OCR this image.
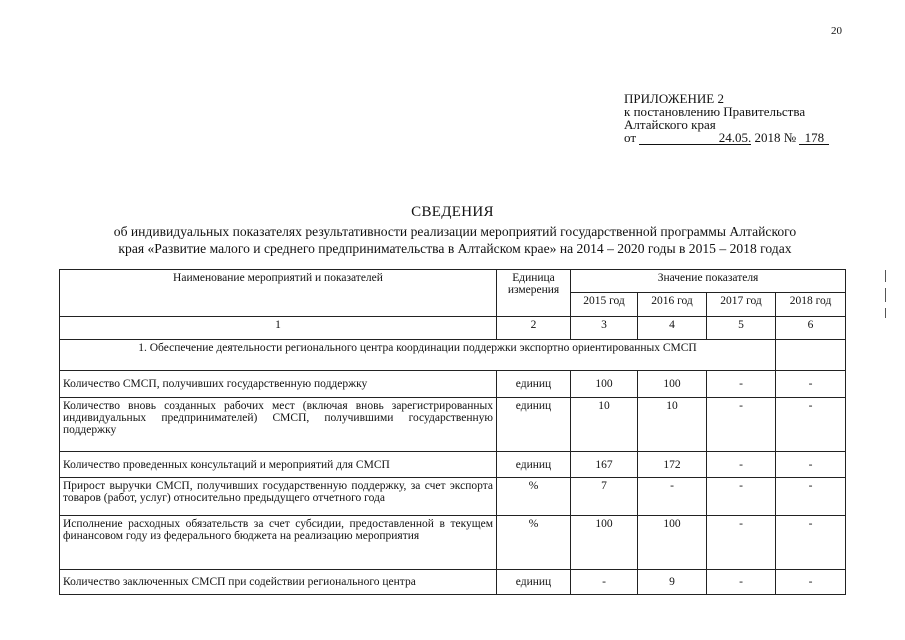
20
ПРИЛОЖЕНИЕ 2
к постановлению Правительства
Алтайского края
от	24.05. 2018 № 178
СВЕДЕНИЯ
об индивидуальных показателях результативности реализации мероприятий государственной программы Алтайского
края «Развитие малого и среднего предпринимательства в Алтайском крае» на 2014 – 2020 годы в 2015 – 2018 годах
Наименование мероприятий и показателей	Единица измерения	Значение показателя			
		2015 год	2016 год	2017 год	2018 год
1	2	3	4	5	6
1. Обеспечение деятельности регионального центра координации поддержки экспортно ориентированных СМСП					
Количество СМСП, получивших государственную поддержку	единиц	100	100	-	-
Количество вновь созданных рабочих мест (включая вновь зарегистрированных индивидуальных предпринимателей) СМСП, получившими государственную поддержку	единиц	10	10	-	-
Количество проведенных консультаций и мероприятий для СМСП	единиц	167	172	-	-
Прирост выручки СМСП, получивших государственную поддержку, за счет экспорта товаров (работ, услуг) относительно предыдущего отчетного года	%	7	-	-	-
Исполнение расходных обязательств за счет субсидии, предоставленной в текущем финансовом году из федерального бюджета на реализацию мероприятия	%	100	100	-	-
Количество заключенных СМСП при содействии регионального центра	единиц	-	9	-	-
